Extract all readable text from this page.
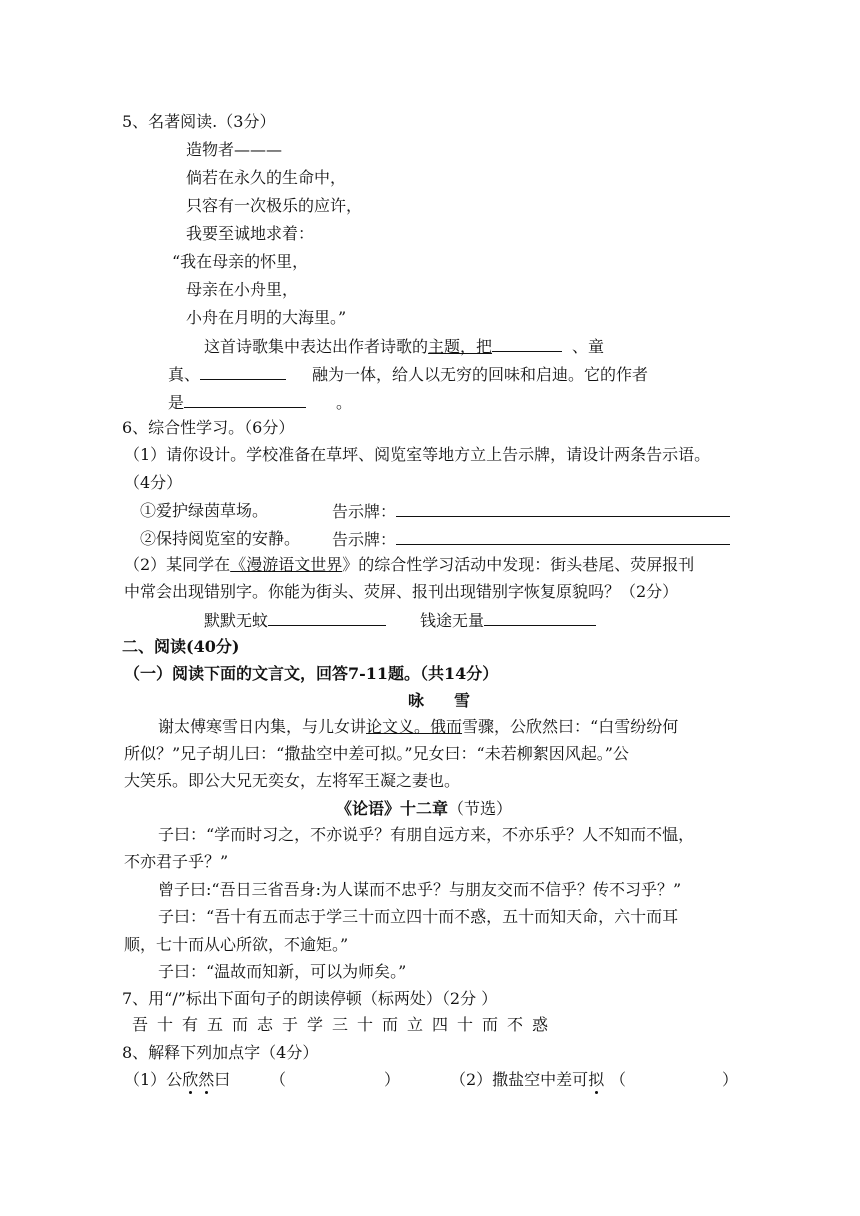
5、名著阅读.（3分）
造物者———
倘若在永久的生命中，
只容有一次极乐的应许，
我要至诚地求着：
“我在母亲的怀里，
母亲在小舟里，
小舟在月明的大海里。”
这首诗歌集中表达出作者诗歌的主题，把	、童
真、	融为一体，给人以无穷的回味和启迪。它的作者
是	。
6、综合性学习。（6分）
（1）请你设计。学校准备在草坪、阅览室等地方立上告示牌，请设计两条告示语。
（4分）
①爱护绿茵草场。	告示牌：
②保持阅览室的安静。 告示牌：
（2）某同学在《漫游语文世界》的综合性学习活动中发现：街头巷尾、荧屏报刊
中常会出现错别字。你能为街头、荧屏、报刊出现错别字恢复原貌吗？（2分）
默默无蚊	钱途无量
二、阅读(40分)
（一）阅读下面的文言文，回答7-11题。（共14分）
咏 雪
谢太傅寒雪日内集，与儿女讲论文义。俄而雪骤，公欣然曰：“白雪纷纷何
所似？”兄子胡儿曰：“撒盐空中差可拟。”兄女曰：“未若柳絮因风起。”公
大笑乐。即公大兄无奕女，左将军王凝之妻也。
《论语》十二章（节选）
子曰：“学而时习之，不亦说乎？有朋自远方来，不亦乐乎？人不知而不愠，
不亦君子乎？”
曾子曰:“吾日三省吾身:为人谋而不忠乎？与朋友交而不信乎？传不习乎？”
子曰：“吾十有五而志于学三十而立四十而不惑，五十而知天命，六十而耳
顺，七十而从心所欲，不逾矩。”
子曰：“温故而知新，可以为师矣。”
7、用“/”标出下面句子的朗读停顿（标两处）（2分 ）
吾 十 有 五 而 志 于 学 三 十 而 立 四 十 而 不 惑
8、解释下列加点字（4分）
（1）公欣然曰 （	）	（2）撒盐空中差可拟 （	）
